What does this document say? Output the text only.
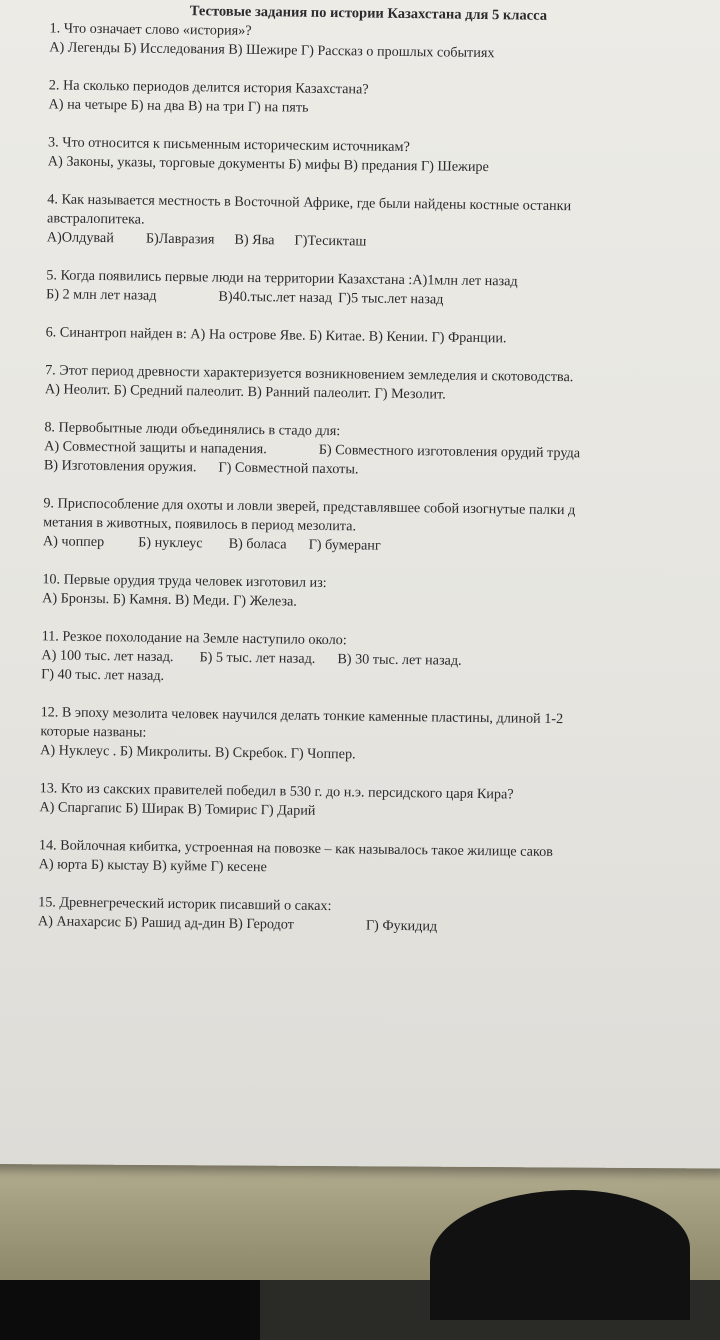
Тестовые задания по истории Казахстана для 5 класса
1. Что означает слово «история»?
А) Легенды Б) Исследования В) Шежире Г) Рассказ о прошлых событиях
2. На сколько периодов делится история Казахстана?
А) на четыре Б) на два В) на три Г) на пять
3. Что относится к письменным историческим источникам?
А) Законы, указы, торговые документы Б) мифы В) предания Г) Шежире
4. Как называется местность в Восточной Африке, где были найдены костные останки
австралопитека.
А)Олдувай Б)Лавразия В) Ява Г)Тесикташ
5. Когда появились первые люди на территории Казахстана :А)1млн лет назад
Б) 2 млн лет назад	В)40.тыс.лет назад Г)5 тыс.лет назад
6. Синантроп найден в: А) На острове Яве. Б) Китае. В) Кении. Г) Франции.
7. Этот период древности характеризуется возникновением земледелия и скотоводства.
А) Неолит. Б) Средний палеолит. В) Ранний палеолит. Г) Мезолит.
8. Первобытные люди объединялись в стадо для:
А) Совместной защиты и нападения.	Б) Совместного изготовления орудий труда
В) Изготовления оружия. Г) Совместной пахоты.
9. Приспособление для охоты и ловли зверей, представлявшее собой изогнутые палки д
метания в животных, появилось в период мезолита.
А) чоппер Б) нуклеус В) боласа Г) бумеранг
10. Первые орудия труда человек изготовил из:
А) Бронзы. Б) Камня. В) Меди. Г) Железа.
11. Резкое похолодание на Земле наступило около:
А) 100 тыс. лет назад. Б) 5 тыс. лет назад. В) 30 тыс. лет назад.
Г) 40 тыс. лет назад.
12. В эпоху мезолита человек научился делать тонкие каменные пластины, длиной 1-2
которые названы:
А) Нуклеус . Б) Микролиты. В) Скребок. Г) Чоппер.
13. Кто из сакских правителей победил в 530 г. до н.э. персидского царя Кира?
А) Спаргапис Б) Ширак В) Томирис Г) Дарий
14. Войлочная кибитка, устроенная на повозке – как называлось такое жилище саков
А) юрта Б) кыстау В) куйме Г) кесене
15. Древнегреческий историк писавший о саках:
А) Анахарсис Б) Рашид ад-дин В) Геродот	Г) Фукидид
